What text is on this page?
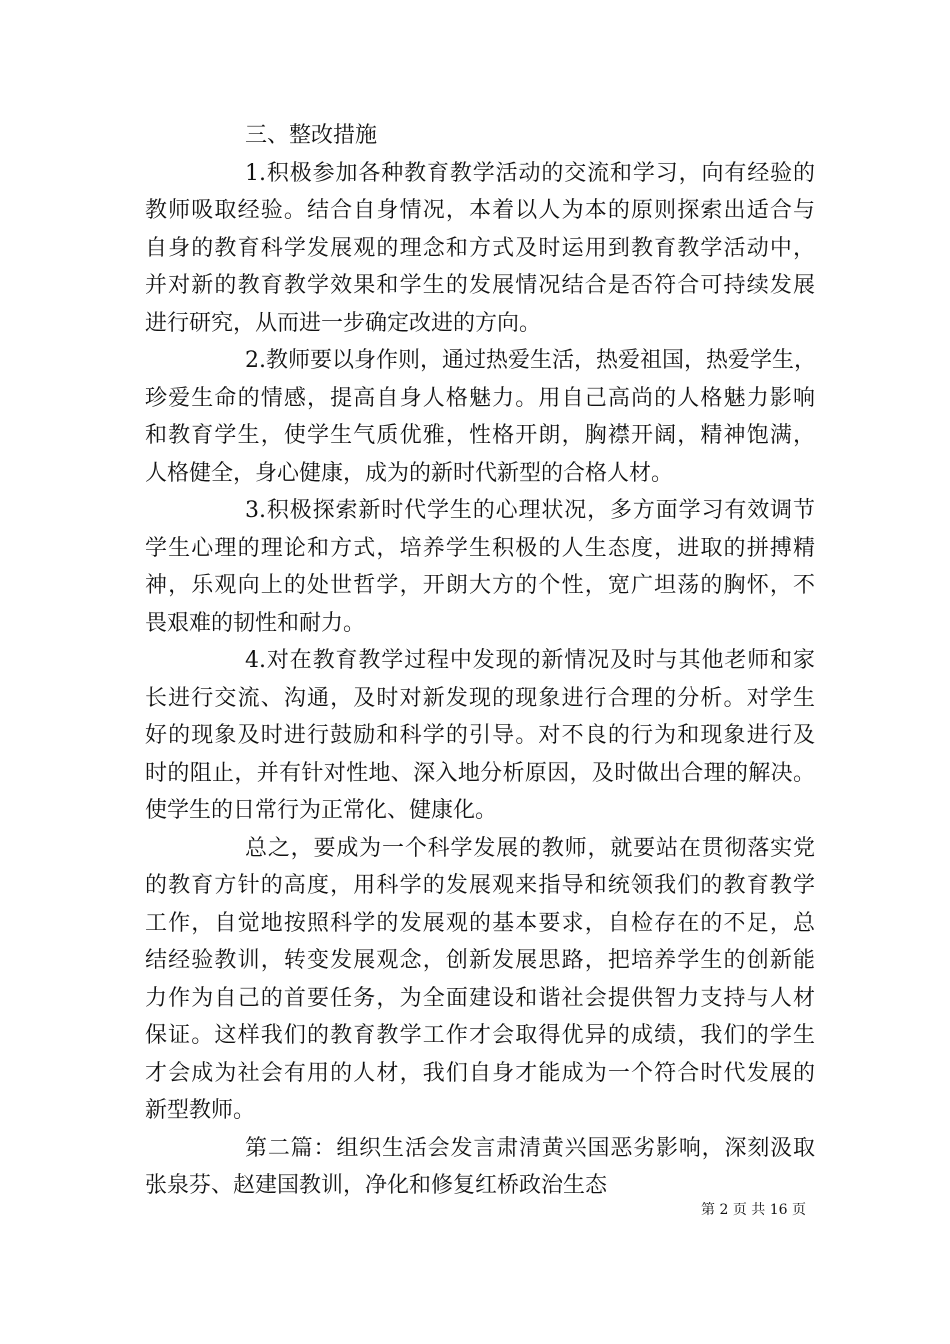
三、整改措施

1.积极参加各种教育教学活动的交流和学习，向有经验的
教师吸取经验。结合自身情况，本着以人为本的原则探索出适合与
自身的教育科学发展观的理念和方式及时运用到教育教学活动中，
并对新的教育教学效果和学生的发展情况结合是否符合可持续发展
进行研究，从而进一步确定改进的方向。

2.教师要以身作则，通过热爱生活，热爱祖国，热爱学生，
珍爱生命的情感，提高自身人格魅力。用自己高尚的人格魅力影响
和教育学生，使学生气质优雅，性格开朗，胸襟开阔，精神饱满，
人格健全，身心健康，成为的新时代新型的合格人材。

3.积极探索新时代学生的心理状况，多方面学习有效调节
学生心理的理论和方式，培养学生积极的人生态度，进取的拼搏精
神，乐观向上的处世哲学，开朗大方的个性，宽广坦荡的胸怀，不
畏艰难的韧性和耐力。

4.对在教育教学过程中发现的新情况及时与其他老师和家
长进行交流、沟通，及时对新发现的现象进行合理的分析。对学生
好的现象及时进行鼓励和科学的引导。对不良的行为和现象进行及
时的阻止，并有针对性地、深入地分析原因，及时做出合理的解决。
使学生的日常行为正常化、健康化。

总之，要成为一个科学发展的教师，就要站在贯彻落实党
的教育方针的高度，用科学的发展观来指导和统领我们的教育教学
工作，自觉地按照科学的发展观的基本要求，自检存在的不足，总
结经验教训，转变发展观念，创新发展思路，把培养学生的创新能
力作为自己的首要任务，为全面建设和谐社会提供智力支持与人材
保证。这样我们的教育教学工作才会取得优异的成绩，我们的学生
才会成为社会有用的人材，我们自身才能成为一个符合时代发展的
新型教师。

第二篇：组织生活会发言肃清黄兴国恶劣影响，深刻汲取
张泉芬、赵建国教训，净化和修复红桥政治生态

第 2 页 共 16 页
